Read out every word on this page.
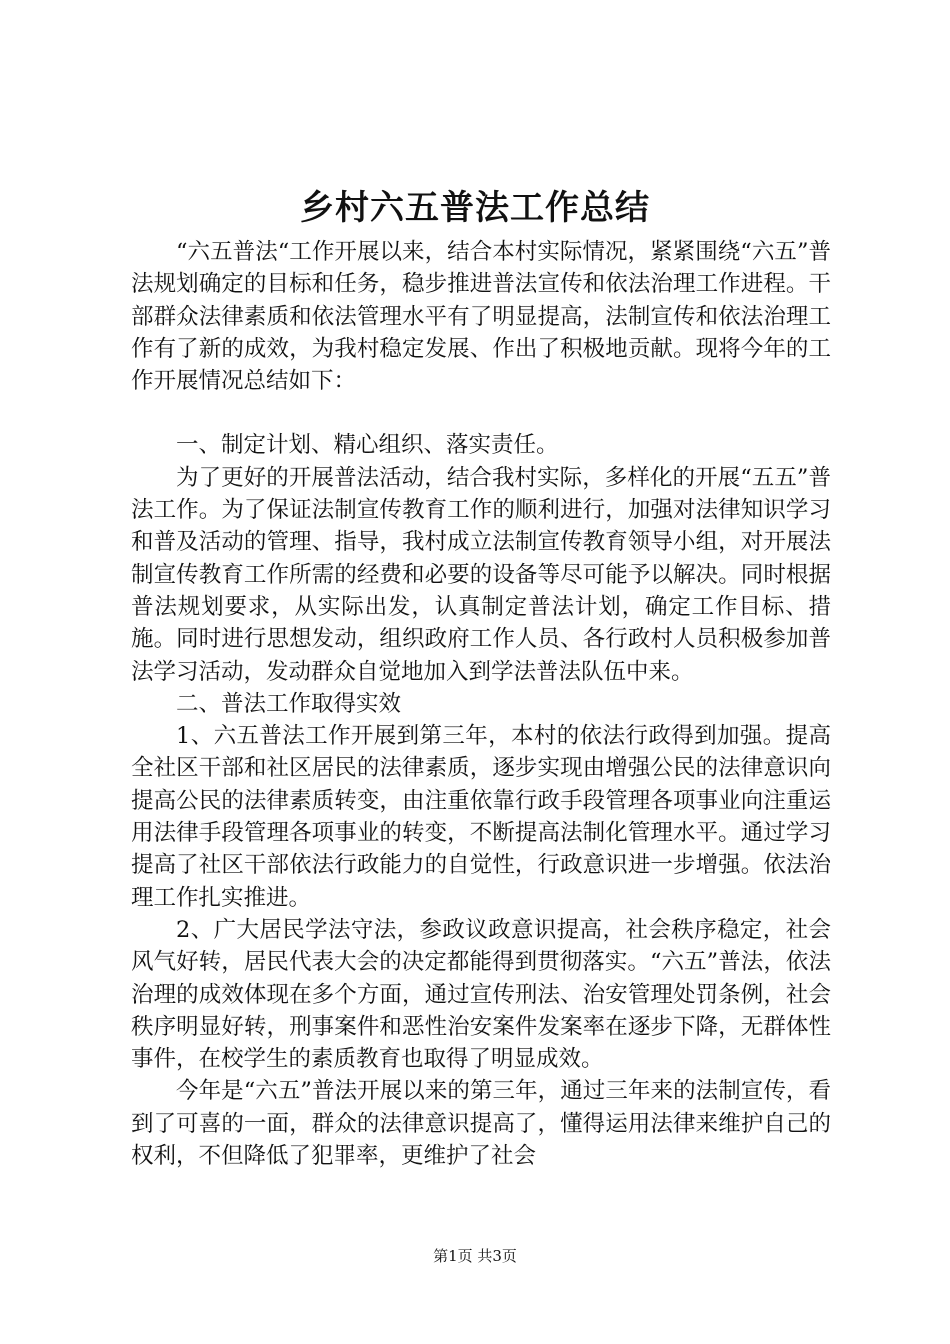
乡村六五普法工作总结

“六五普法“工作开展以来，结合本村实际情况，紧紧围绕“六五”普法规划确定的目标和任务，稳步推进普法宣传和依法治理工作进程。干部群众法律素质和依法管理水平有了明显提高，法制宣传和依法治理工作有了新的成效，为我村稳定发展、作出了积极地贡献。现将今年的工作开展情况总结如下：

一、制定计划、精心组织、落实责任。

为了更好的开展普法活动，结合我村实际，多样化的开展“五五”普法工作。为了保证法制宣传教育工作的顺利进行，加强对法律知识学习和普及活动的管理、指导，我村成立法制宣传教育领导小组，对开展法制宣传教育工作所需的经费和必要的设备等尽可能予以解决。同时根据普法规划要求，从实际出发，认真制定普法计划，确定工作目标、措施。同时进行思想发动，组织政府工作人员、各行政村人员积极参加普法学习活动，发动群众自觉地加入到学法普法队伍中来。

二、普法工作取得实效

1、六五普法工作开展到第三年，本村的依法行政得到加强。提高全社区干部和社区居民的法律素质，逐步实现由增强公民的法律意识向提高公民的法律素质转变，由注重依靠行政手段管理各项事业向注重运用法律手段管理各项事业的转变，不断提高法制化管理水平。通过学习提高了社区干部依法行政能力的自觉性，行政意识进一步增强。依法治理工作扎实推进。

2、广大居民学法守法，参政议政意识提高，社会秩序稳定，社会风气好转，居民代表大会的决定都能得到贯彻落实。“六五”普法，依法治理的成效体现在多个方面，通过宣传刑法、治安管理处罚条例，社会秩序明显好转，刑事案件和恶性治安案件发案率在逐步下降，无群体性事件，在校学生的素质教育也取得了明显成效。

今年是“六五”普法开展以来的第三年，通过三年来的法制宣传，看到了可喜的一面，群众的法律意识提高了，懂得运用法律来维护自己的权利，不但降低了犯罪率，更维护了社会

第1页 共3页
